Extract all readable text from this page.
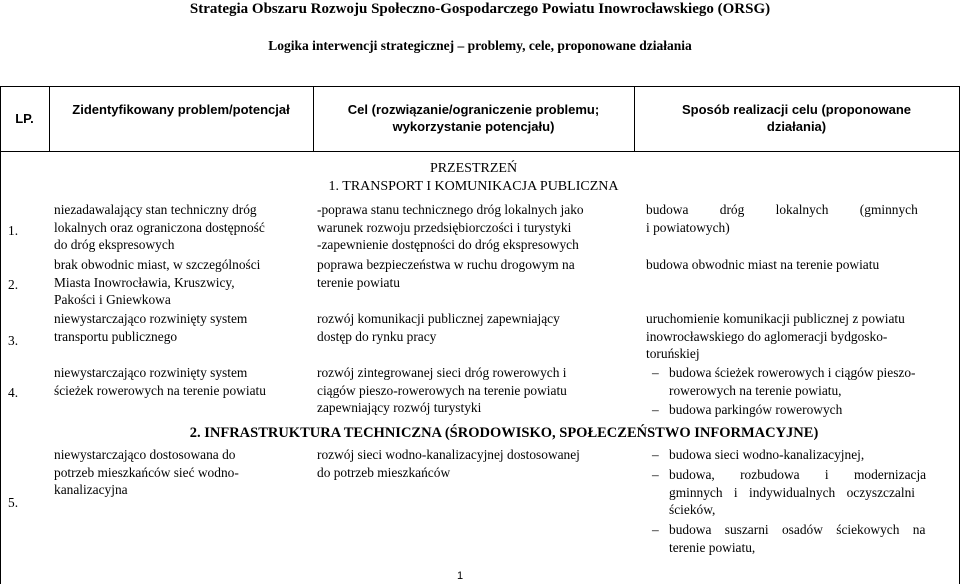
Strategia Obszaru Rozwoju Społeczno-Gospodarczego Powiatu Inowrocławskiego (ORSG)
Logika interwencji strategicznej – problemy, cele, proponowane działania
LP.
Zidentyfikowany problem/potencjał	Cel (rozwiązanie/ograniczenie problemu;
wykorzystanie potencjału)
Sposób realizacji celu (proponowane
działania)
PRZESTRZEŃ
1. TRANSPORT I KOMUNIKACJA PUBLICZNA
2. INFRASTRUKTURA TECHNICZNA (ŚRODOWISKO, SPOŁECZEŃSTWO INFORMACYJNE)
1.
2.
3.
4.
5.
niezadawalający stan techniczny dróg
lokalnych oraz ograniczona dostępność
do dróg ekspresowych
-poprawa stanu technicznego dróg lokalnych jako
warunek rozwoju przedsiębiorczości i turystyki
-zapewnienie dostępności do dróg ekspresowych
budowa dróg lokalnych (gminnych
i powiatowych)
brak obwodnic miast, w szczególności
Miasta Inowrocławia, Kruszwicy,
Pakości i Gniewkowa
poprawa bezpieczeństwa w ruchu drogowym na
terenie powiatu
budowa obwodnic miast na terenie powiatu
niewystarczająco rozwinięty system
transportu publicznego
rozwój komunikacji publicznej zapewniający
dostęp do rynku pracy
uruchomienie komunikacji publicznej z powiatu
inowrocławskiego do aglomeracji bydgosko-
toruńskiej
niewystarczająco rozwinięty system
ścieżek rowerowych na terenie powiatu
rozwój zintegrowanej sieci dróg rowerowych i
ciągów pieszo-rowerowych na terenie powiatu
zapewniający rozwój turystyki
– budowa ścieżek rowerowych i ciągów pieszo-
rowerowych na terenie powiatu,
– budowa parkingów rowerowych
niewystarczająco dostosowana do
potrzeb mieszkańców sieć wodno-
kanalizacyjna
rozwój sieci wodno-kanalizacyjnej dostosowanej
do potrzeb mieszkańców
– budowa sieci wodno-kanalizacyjnej,
– budowa, rozbudowa i modernizacja
gminnych i indywidualnych oczyszczalni
ścieków,
– budowa suszarni osadów ściekowych na
terenie powiatu,
1
